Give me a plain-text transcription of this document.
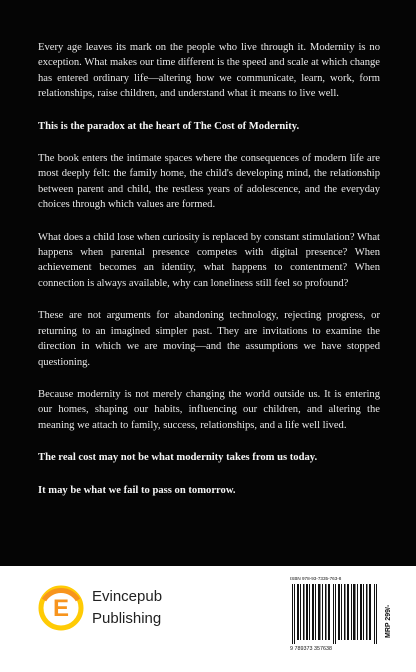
Every age leaves its mark on the people who live through it. Modernity is no exception. What makes our time different is the speed and scale at which change has entered ordinary life—altering how we communicate, learn, work, form relationships, raise children, and understand what it means to live well.

This is the paradox at the heart of The Cost of Modernity.

The book enters the intimate spaces where the consequences of modern life are most deeply felt: the family home, the child's developing mind, the relationship between parent and child, the restless years of adolescence, and the everyday choices through which values are formed.

What does a child lose when curiosity is replaced by constant stimulation? What happens when parental presence competes with digital presence? When achievement becomes an identity, what happens to contentment? When connection is always available, why can loneliness still feel so profound?

These are not arguments for abandoning technology, rejecting progress, or returning to an imagined simpler past. They are invitations to examine the direction in which we are moving—and the assumptions we have stopped questioning.

Because modernity is not merely changing the world outside us. It is entering our homes, shaping our habits, influencing our children, and altering the meaning we attach to family, success, relationships, and a life well lived.

The real cost may not be what modernity takes from us today.

It may be what we fail to pass on tomorrow.

E Evincepub
Publishing
ISBN 978-93-7335-763-8
9 789373 357638
MRP 299/-
